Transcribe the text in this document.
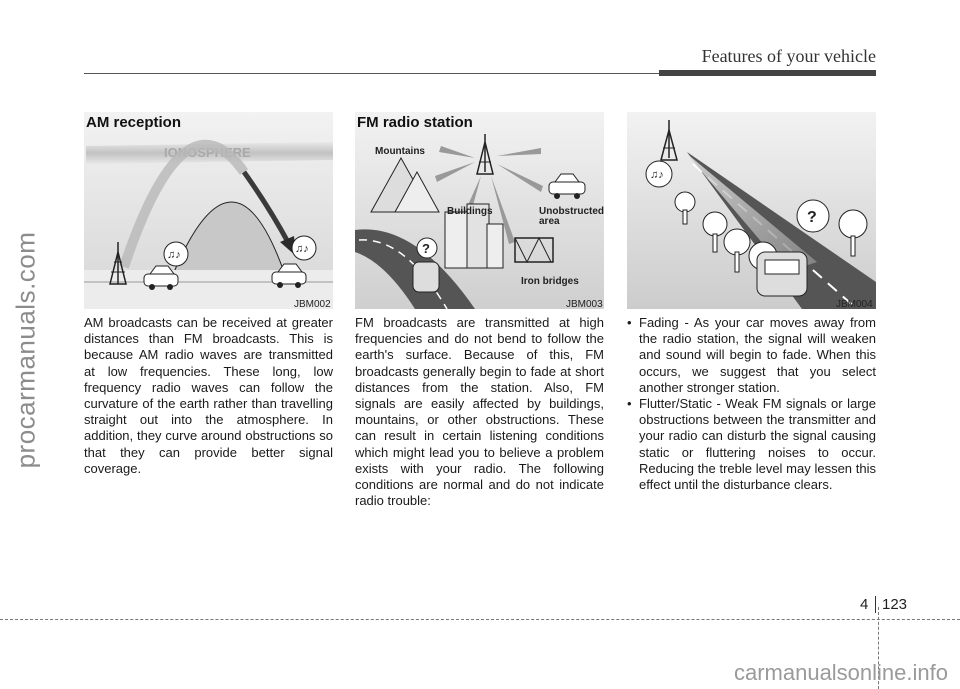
procarmanuals.com
Features of your vehicle
IONOSPHERE
♫♪	♫♪
AM reception
JBM002
?
Mountains
Buildings	Unobstructed
area
Iron bridges
FM radio station
JBM003
♫♪
?
JBM004
AM broadcasts can be received at greater distances than FM broadcasts. This is because AM radio waves are transmitted at low frequencies. These long, low frequency radio waves can follow the curvature of the earth rather than travelling straight out into the atmosphere. In addition, they curve around obstructions so that they can provide better signal coverage.
FM broadcasts are transmitted at high frequencies and do not bend to follow the earth's surface. Because of this, FM broadcasts generally begin to fade at short distances from the station. Also, FM signals are easily affected by buildings, mountains, or other obstructions. These can result in certain listening conditions which might lead you to believe a problem exists with your radio. The following conditions are normal and do not indicate radio trouble:
• Fading - As your car moves away from the radio station, the signal will weaken and sound will begin to fade. When this occurs, we suggest that you select another stronger station.
• Flutter/Static - Weak FM signals or large obstructions between the transmitter and your radio can disturb the signal causing static or fluttering noises to occur. Reducing the treble level may lessen this effect until the disturbance clears.
4 123
carmanualsonline.info
